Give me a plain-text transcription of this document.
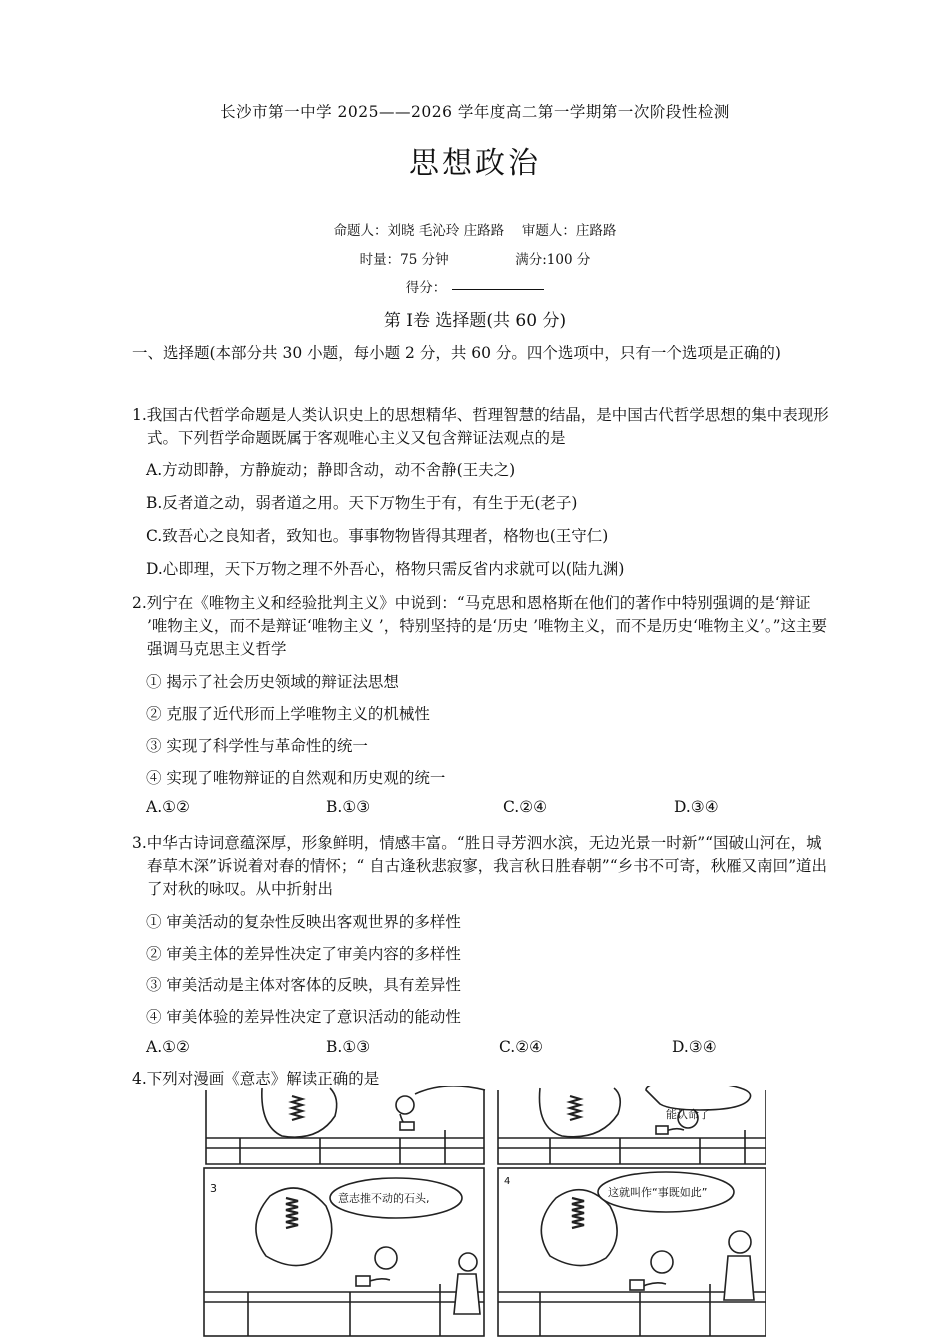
长沙市第一中学 2025——2026 学年度高二第一学期第一次阶段性检测
思想政治
命题人：刘晓 毛沁玲 庄路路　 审题人：庄路路
时量：75 分钟	满分:100 分
得分：
第 Ⅰ卷 选择题(共 60 分)
一、选择题(本部分共 30 小题，每小题 2 分，共 60 分。四个选项中，只有一个选项是正确的)
1.我国古代哲学命题是人类认识史上的思想精华、哲理智慧的结晶，是中国古代哲学思想的集中表现形式。下列哲学命题既属于客观唯心主义又包含辩证法观点的是
A.方动即静，方静旋动；静即含动，动不舍静(王夫之)
B.反者道之动，弱者道之用。天下万物生于有，有生于无(老子)
C.致吾心之良知者，致知也。事事物物皆得其理者，格物也(王守仁)
D.心即理，天下万物之理不外吾心，格物只需反省内求就可以(陆九渊)
2.列宁在《唯物主义和经验批判主义》中说到：“马克思和恩格斯在他们的著作中特别强调的是‘辩证 ’唯物主义，而不是辩证‘唯物主义 ’，特别坚持的是‘历史 ’唯物主义，而不是历史‘唯物主义’。”这主要强调马克思主义哲学
① 揭示了社会历史领域的辩证法思想
② 克服了近代形而上学唯物主义的机械性
③ 实现了科学性与革命性的统一
④ 实现了唯物辩证的自然观和历史观的统一
A.①②	B.①③	C.②④	D.③④
3.中华古诗词意蕴深厚，形象鲜明，情感丰富。“胜日寻芳泗水滨，无边光景一时新”“国破山河在，城春草木深”诉说着对春的情怀；“ 自古逢秋悲寂寥，我言秋日胜春朝”“乡书不可寄，秋雁又南回”道出了对秋的咏叹。从中折射出
① 审美活动的复杂性反映出客观世界的多样性
② 审美主体的差异性决定了审美内容的多样性
③ 审美活动是主体对客体的反映，具有差异性
④ 审美体验的差异性决定了意识活动的能动性
A.①②	B.①③	C.②④	D.③④
4.下列对漫画《意志》解读正确的是
能认命了
3
意志推不动的石头,
4
这就叫作“事既如此”
